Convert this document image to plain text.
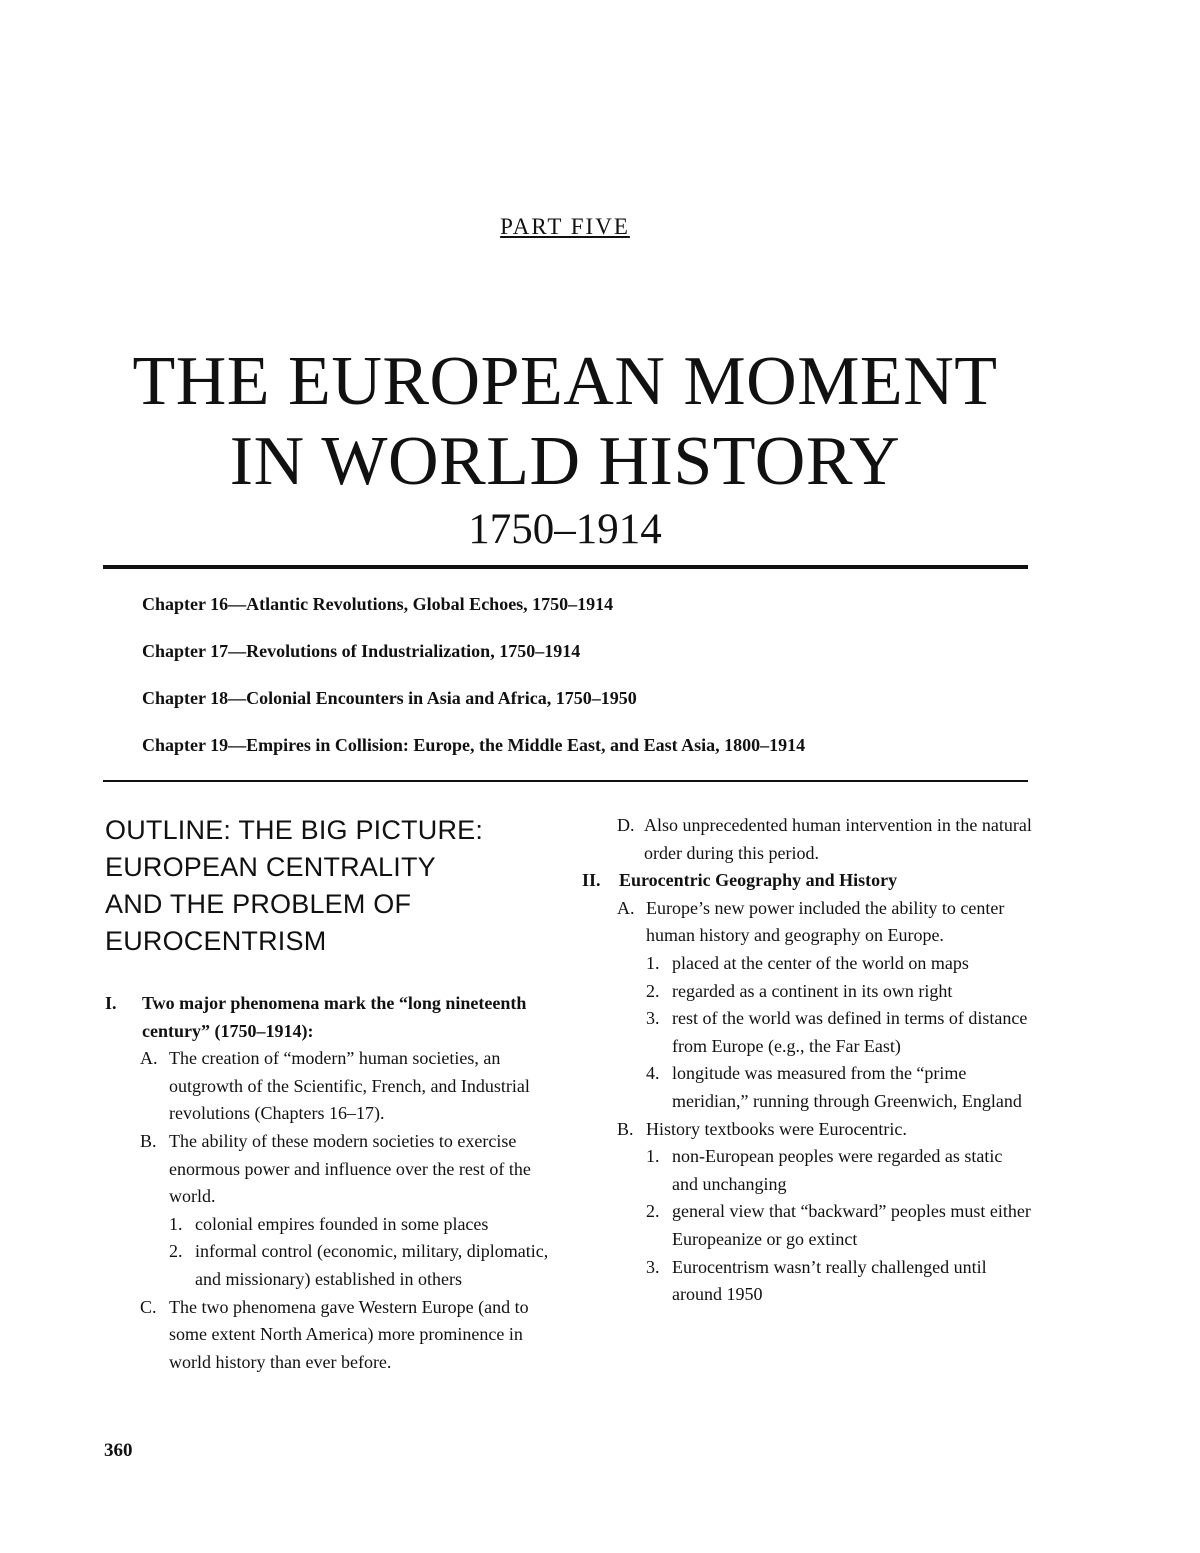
PART FIVE
THE EUROPEAN MOMENT
IN WORLD HISTORY
1750–1914
Chapter 16—Atlantic Revolutions, Global Echoes, 1750–1914
Chapter 17—Revolutions of Industrialization, 1750–1914
Chapter 18—Colonial Encounters in Asia and Africa, 1750–1950
Chapter 19—Empires in Collision: Europe, the Middle East, and East Asia, 1800–1914
OUTLINE: THE BIG PICTURE:
EUROPEAN CENTRALITY
AND THE PROBLEM OF
EUROCENTRISM
I. Two major phenomena mark the “long nineteenth century” (1750–1914):
A. The creation of “modern” human societies, an outgrowth of the Scientific, French, and Industrial revolutions (Chapters 16–17).
B. The ability of these modern societies to exercise enormous power and influence over the rest of the world.
1. colonial empires founded in some places
2. informal control (economic, military, diplomatic, and missionary) established in others
C. The two phenomena gave Western Europe (and to some extent North America) more prominence in world history than ever before.
D. Also unprecedented human intervention in the natural order during this period.
II. Eurocentric Geography and History
A. Europe’s new power included the ability to center human history and geography on Europe.
1. placed at the center of the world on maps
2. regarded as a continent in its own right
3. rest of the world was defined in terms of distance from Europe (e.g., the Far East)
4. longitude was measured from the “prime meridian,” running through Greenwich, England
B. History textbooks were Eurocentric.
1. non-European peoples were regarded as static and unchanging
2. general view that “backward” peoples must either Europeanize or go extinct
3. Eurocentrism wasn’t really challenged until around 1950
360
